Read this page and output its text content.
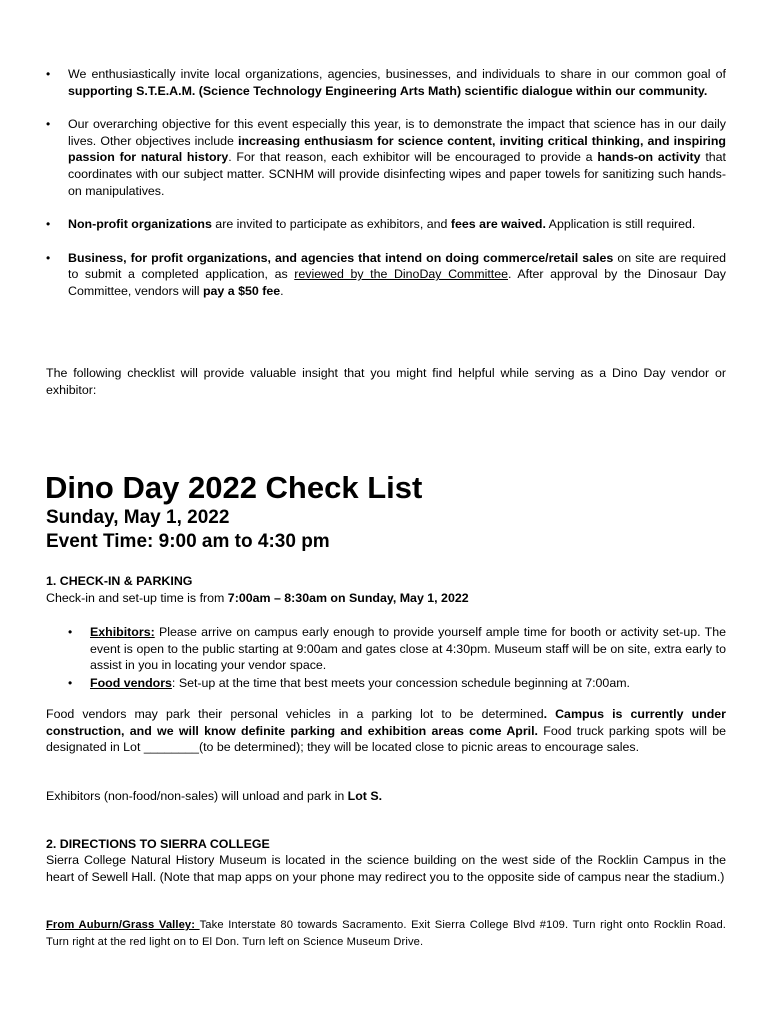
• We enthusiastically invite local organizations, agencies, businesses, and individuals to share in our common goal of supporting S.T.E.A.M. (Science Technology Engineering Arts Math) scientific dialogue within our community.
• Our overarching objective for this event especially this year, is to demonstrate the impact that science has in our daily lives. Other objectives include increasing enthusiasm for science content, inviting critical thinking, and inspiring passion for natural history. For that reason, each exhibitor will be encouraged to provide a hands-on activity that coordinates with our subject matter. SCNHM will provide disinfecting wipes and paper towels for sanitizing such hands-on manipulatives.
• Non-profit organizations are invited to participate as exhibitors, and fees are waived. Application is still required.
• Business, for profit organizations, and agencies that intend on doing commerce/retail sales on site are required to submit a completed application, as reviewed by the DinoDay Committee. After approval by the Dinosaur Day Committee, vendors will pay a $50 fee.

The following checklist will provide valuable insight that you might find helpful while serving as a Dino Day vendor or exhibitor:

Dino Day 2022 Check List
Sunday, May 1, 2022
Event Time: 9:00 am to 4:30 pm

1. CHECK-IN & PARKING

Check-in and set-up time is from 7:00am – 8:30am on Sunday, May 1, 2022

• Exhibitors: Please arrive on campus early enough to provide yourself ample time for booth or activity set-up. The event is open to the public starting at 9:00am and gates close at 4:30pm. Museum staff will be on site, extra early to assist in you in locating your vendor space.
• Food vendors: Set-up at the time that best meets your concession schedule beginning at 7:00am.

Food vendors may park their personal vehicles in a parking lot to be determined. Campus is currently under construction, and we will know definite parking and exhibition areas come April. Food truck parking spots will be designated in Lot ________(to be determined); they will be located close to picnic areas to encourage sales.

Exhibitors (non-food/non-sales) will unload and park in Lot S.

2. DIRECTIONS TO SIERRA COLLEGE

Sierra College Natural History Museum is located in the science building on the west side of the Rocklin Campus in the heart of Sewell Hall. (Note that map apps on your phone may redirect you to the opposite side of campus near the stadium.)

From Auburn/Grass Valley: Take Interstate 80 towards Sacramento. Exit Sierra College Blvd #109. Turn right onto Rocklin Road. Turn right at the red light on to El Don. Turn left on Science Museum Drive.
